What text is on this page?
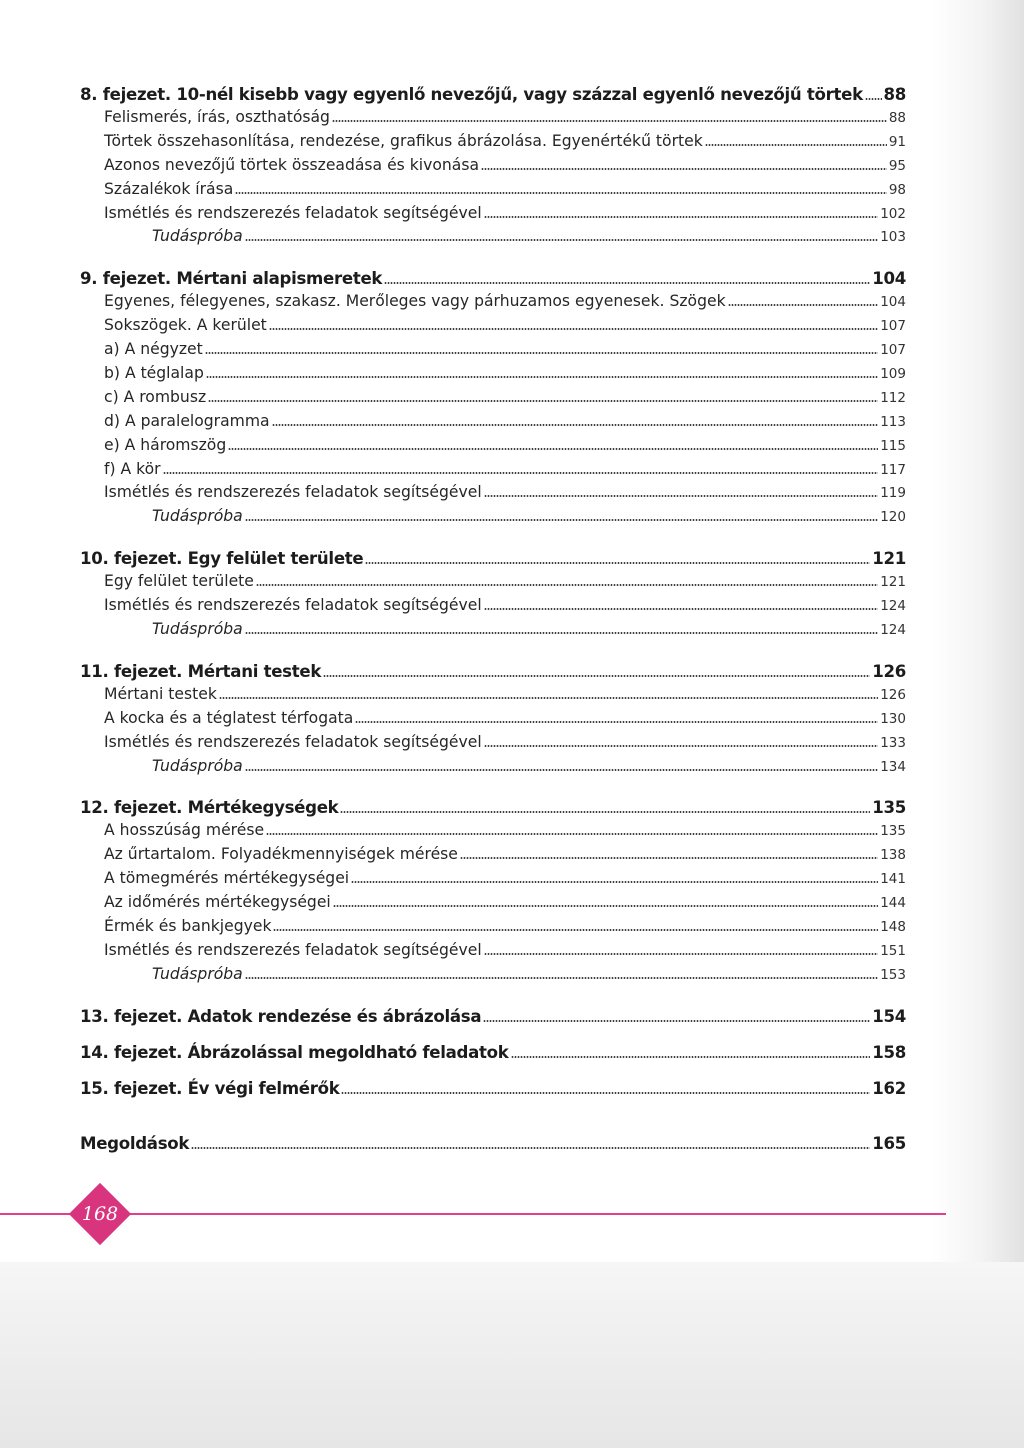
8. fejezet. 10-nél kisebb vagy egyenlő nevezőjű, vagy százzal egyenlő nevezőjű törtek 88
Felismerés, írás, oszthatóság	88
Törtek összehasonlítása, rendezése, grafikus ábrázolása. Egyenértékű törtek	91
Azonos nevezőjű törtek összeadása és kivonása	95
Százalékok írása	98
Ismétlés és rendszerezés feladatok segítségével	102
Tudáspróba	103
9. fejezet. Mértani alapismeretek	104
Egyenes, félegyenes, szakasz. Merőleges vagy párhuzamos egyenesek. Szögek	104
Sokszögek. A kerület	107
a) A négyzet	107
b) A téglalap	109
c) A rombusz	112
d) A paralelogramma	113
e) A háromszög	115
f) A kör	117
Ismétlés és rendszerezés feladatok segítségével	119
Tudáspróba	120
10. fejezet. Egy felület területe	121
Egy felület területe	121
Ismétlés és rendszerezés feladatok segítségével	124
Tudáspróba	124
11. fejezet. Mértani testek	126
Mértani testek	126
A kocka és a téglatest térfogata	130
Ismétlés és rendszerezés feladatok segítségével	133
Tudáspróba	134
12. fejezet. Mértékegységek	135
A hosszúság mérése	135
Az űrtartalom. Folyadékmennyiségek mérése	138
A tömegmérés mértékegységei	141
Az időmérés mértékegységei	144
Érmék és bankjegyek	148
Ismétlés és rendszerezés feladatok segítségével	151
Tudáspróba	153
13. fejezet. Adatok rendezése és ábrázolása	154
14. fejezet. Ábrázolással megoldható feladatok	158
15. fejezet. Év végi felmérők	162
Megoldások	165
168
